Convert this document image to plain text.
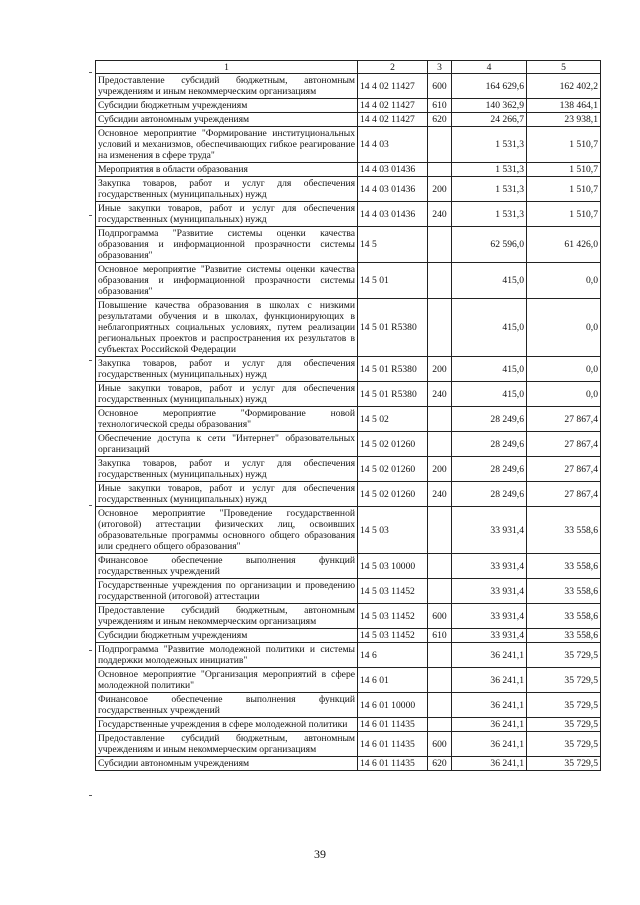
1	2	3	4	5
Предоставление субсидий бюджетным, автономным учреждениям и иным некоммерческим организациям	14 4 02 11427	600	164 629,6	162 402,2
Субсидии бюджетным учреждениям	14 4 02 11427	610	140 362,9	138 464,1
Субсидии автономным учреждениям	14 4 02 11427	620	24 266,7	23 938,1
Основное мероприятие "Формирование институциональных условий и механизмов, обеспечивающих гибкое реагирование на изменения в сфере труда"	14 4 03		1 531,3	1 510,7
Мероприятия в области образования	14 4 03 01436		1 531,3	1 510,7
Закупка товаров, работ и услуг для обеспечения государственных (муниципальных) нужд	14 4 03 01436	200	1 531,3	1 510,7
Иные закупки товаров, работ и услуг для обеспечения государственных (муниципальных) нужд	14 4 03 01436	240	1 531,3	1 510,7
Подпрограмма "Развитие системы оценки качества образования и информационной прозрачности системы образования"	14 5		62 596,0	61 426,0
Основное мероприятие "Развитие системы оценки качества образования и информационной прозрачности системы образования"	14 5 01		415,0	0,0
Повышение качества образования в школах с низкими результатами обучения и в школах, функционирующих в неблагоприятных социальных условиях, путем реализации региональных проектов и распространения их результатов в субъектах Российской Федерации	14 5 01 R5380		415,0	0,0
Закупка товаров, работ и услуг для обеспечения государственных (муниципальных) нужд	14 5 01 R5380	200	415,0	0,0
Иные закупки товаров, работ и услуг для обеспечения государственных (муниципальных) нужд	14 5 01 R5380	240	415,0	0,0
Основное мероприятие "Формирование новой технологической среды образования"	14 5 02		28 249,6	27 867,4
Обеспечение доступа к сети "Интернет" образовательных организаций	14 5 02 01260		28 249,6	27 867,4
Закупка товаров, работ и услуг для обеспечения государственных (муниципальных) нужд	14 5 02 01260	200	28 249,6	27 867,4
Иные закупки товаров, работ и услуг для обеспечения государственных (муниципальных) нужд	14 5 02 01260	240	28 249,6	27 867,4
Основное мероприятие "Проведение государственной (итоговой) аттестации физических лиц, освоивших образовательные программы основного общего образования или среднего общего образования"	14 5 03		33 931,4	33 558,6
Финансовое обеспечение выполнения функций государственных учреждений	14 5 03 10000		33 931,4	33 558,6
Государственные учреждения по организации и проведению государственной (итоговой) аттестации	14 5 03 11452		33 931,4	33 558,6
Предоставление субсидий бюджетным, автономным учреждениям и иным некоммерческим организациям	14 5 03 11452	600	33 931,4	33 558,6
Субсидии бюджетным учреждениям	14 5 03 11452	610	33 931,4	33 558,6
Подпрограмма "Развитие молодежной политики и системы поддержки молодежных инициатив"	14 6		36 241,1	35 729,5
Основное мероприятие "Организация мероприятий в сфере молодежной политики"	14 6 01		36 241,1	35 729,5
Финансовое обеспечение выполнения функций государственных учреждений	14 6 01 10000		36 241,1	35 729,5
Государственные учреждения в сфере молодежной политики	14 6 01 11435		36 241,1	35 729,5
Предоставление субсидий бюджетным, автономным учреждениям и иным некоммерческим организациям	14 6 01 11435	600	36 241,1	35 729,5
Субсидии автономным учреждениям	14 6 01 11435	620	36 241,1	35 729,5
39
